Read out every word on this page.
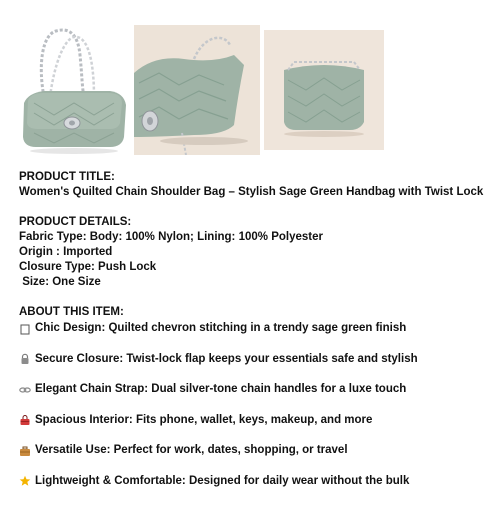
PRODUCT TITLE:
Women's Quilted Chain Shoulder Bag – Stylish Sage Green Handbag with Twist Lock
PRODUCT DETAILS:
Fabric Type: Body: 100% Nylon; Lining: 100% Polyester
Origin : Imported
Closure Type: Push Lock
Size: One Size
ABOUT THIS ITEM:
Chic Design: Quilted chevron stitching in a trendy sage green finish
Secure Closure: Twist-lock flap keeps your essentials safe and stylish
Elegant Chain Strap: Dual silver-tone chain handles for a luxe touch
Spacious Interior: Fits phone, wallet, keys, makeup, and more
Versatile Use: Perfect for work, dates, shopping, or travel
Lightweight & Comfortable: Designed for daily wear without the bulk
